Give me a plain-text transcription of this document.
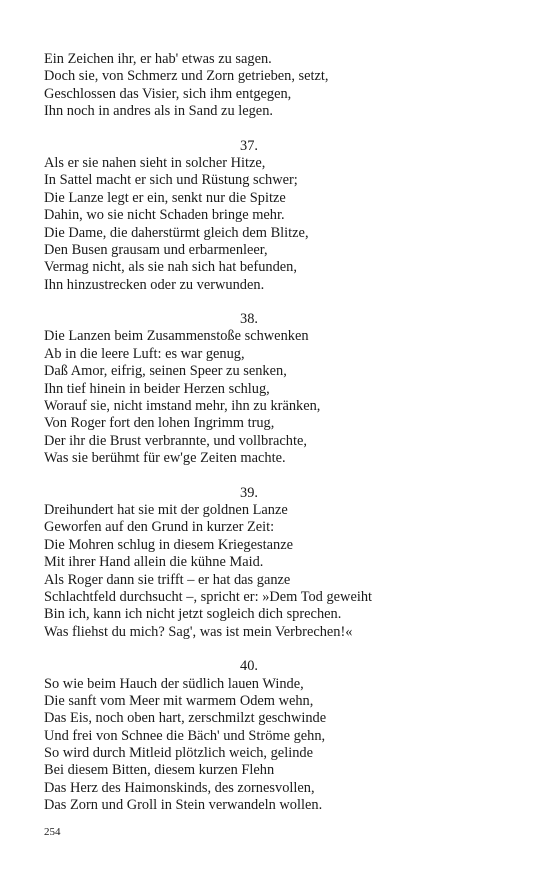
Ein Zeichen ihr, er hab' etwas zu sagen.
Doch sie, von Schmerz und Zorn getrieben, setzt,
Geschlossen das Visier, sich ihm entgegen,
Ihn noch in andres als in Sand zu legen.
37.
Als er sie nahen sieht in solcher Hitze,
In Sattel macht er sich und Rüstung schwer;
Die Lanze legt er ein, senkt nur die Spitze
Dahin, wo sie nicht Schaden bringe mehr.
Die Dame, die daherstürmt gleich dem Blitze,
Den Busen grausam und erbarmenleer,
Vermag nicht, als sie nah sich hat befunden,
Ihn hinzustrecken oder zu verwunden.
38.
Die Lanzen beim Zusammenstoße schwenken
Ab in die leere Luft: es war genug,
Daß Amor, eifrig, seinen Speer zu senken,
Ihn tief hinein in beider Herzen schlug,
Worauf sie, nicht imstand mehr, ihn zu kränken,
Von Roger fort den lohen Ingrimm trug,
Der ihr die Brust verbrannte, und vollbrachte,
Was sie berühmt für ew'ge Zeiten machte.
39.
Dreihundert hat sie mit der goldnen Lanze
Geworfen auf den Grund in kurzer Zeit:
Die Mohren schlug in diesem Kriegestanze
Mit ihrer Hand allein die kühne Maid.
Als Roger dann sie trifft – er hat das ganze
Schlachtfeld durchsucht –, spricht er: »Dem Tod geweiht
Bin ich, kann ich nicht jetzt sogleich dich sprechen.
Was fliehst du mich? Sag', was ist mein Verbrechen!«
40.
So wie beim Hauch der südlich lauen Winde,
Die sanft vom Meer mit warmem Odem wehn,
Das Eis, noch oben hart, zerschmilzt geschwinde
Und frei von Schnee die Bäch' und Ströme gehn,
So wird durch Mitleid plötzlich weich, gelinde
Bei diesem Bitten, diesem kurzen Flehn
Das Herz des Haimonskinds, des zornesvollen,
Das Zorn und Groll in Stein verwandeln wollen.
254
